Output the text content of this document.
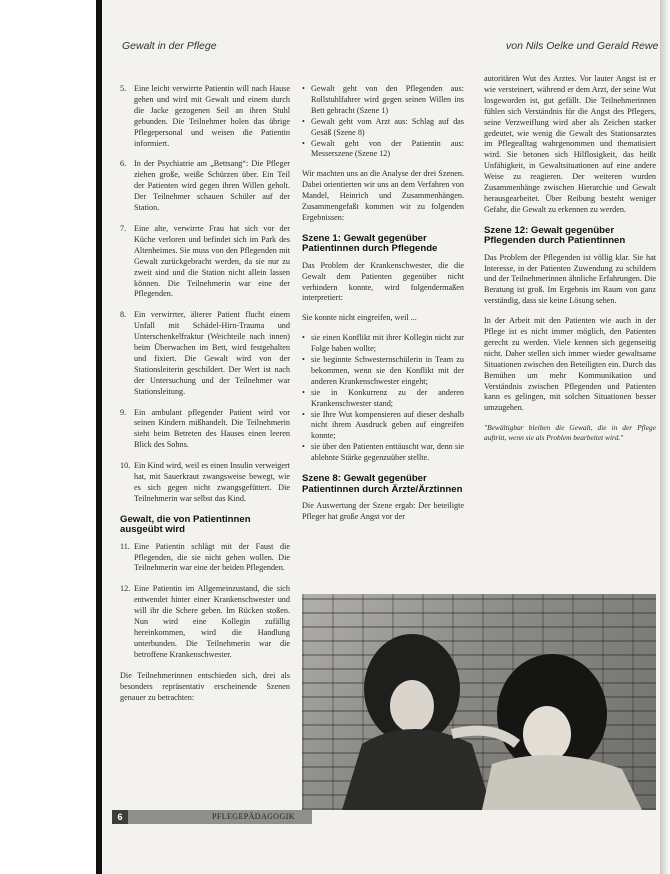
Gewalt in der Pflege	von Nils Oelke und Gerald Rewe
5. Eine leicht verwirrte Patientin will nach Hause gehen und wird mit Gewalt und einem durch die Jacke gezogenen Seil an ihren Stuhl gebunden. Die Teilnehmer holen das übrige Pflegepersonal und weisen die Patientin informiert.
6. In der Psychiatrie am „Bettsang“: Die Pfleger ziehen große, weiße Schürzen über. Ein Teil der Patienten wird gegen ihren Willen geholt. Der Teilnehmer schauen Schüler auf der Station.
7. Eine alte, verwirrte Frau hat sich vor der Küche verloren und befindet sich im Park des Altenheimes. Sie muss von den Pflegenden mit Gewalt zurückgebracht werden, da sie nur zu zweit sind und die Station nicht allein lassen können. Die Teilnehmerin war eine der Pflegenden.
8. Ein verwirrter, älterer Patient flucht einem Unfall mit Schädel-Hirn-Trauma und Unterschenkelfraktur (Weichteile nach innen) beim Überwachen im Bett, wird festgehalten und fixiert. Die Gewalt wird von der Stationsleiterin geschildert. Der Wert ist nach der Untersuchung und der Teilnehmer war Stationsleitung.
9. Ein ambulant pflegender Patient wird vor seinen Kindern mißhandelt. Die Teilnehmerin sieht beim Betreten des Hauses einen leeren Blick des Sohns.
10. Ein Kind wird, weil es einen Insulin verweigert hat, mit Sauerkraut zwangsweise bewegt, wie es sich gegen nicht zwangsgefüttert. Die Teilnehmerin war selbst das Kind.
Gewalt, die von Patientinnen ausgeübt wird
11. Eine Patientin schlägt mit der Faust die Pflegenden, die sie nicht gehen wollen. Die Teilnehmerin war eine der beiden Pflegenden.
12. Eine Patientin im Allgemeinzustand, die sich entwendet hinter einer Krankenschwester und will ihr die Schere geben. Im Rücken stoßen. Nun wird eine Kollegin zufällig hereinkommen, wird die Handlung unterbunden. Die Teilnehmerin war die betroffene Krankenschwester.

Die Teilnehmerinnen entschieden sich, drei als besonders repräsentativ erscheinende Szenen genauer zu betrachten:

• Gewalt geht von den Pflegenden aus: Rollstuhlfahrer wird gegen seinen Willen ins Bett gebracht (Szene 1)
• Gewalt geht vom Arzt aus: Schlag auf das Gesäß (Szene 8)
• Gewalt geht von der Patientin aus: Messerszene (Szene 12)

Wir machten uns an die Analyse der drei Szenen. Dabei orientierten wir uns an dem Verfahren von Mandel, Heinrich und Zusammenhängen. Zusammengefaßt kommen wir zu folgenden Ergebnissen:

Szene 1: Gewalt gegenüber Patientinnen durch Pflegende

Das Problem der Krankenschwester, die die Gewalt dem Patienten gegenüber nicht verhindern konnte, wird folgendermaßen interpretiert:

Sie konnte nicht eingreifen, weil ...

• sie einen Konflikt mit ihrer Kollegin nicht zur Folge haben wollte;
• sie beginnte Schwesternschülerin in Team zu bekommen, wenn sie den Konflikt mit der anderen Krankenschwester eingeht;
• sie in Konkurrenz zu der anderen Krankenschwester stand;
• sie Ihre Wut kompensieren auf dieser deshalb nicht ihrem Ausdruck geben auf eingreifen konnte;
• sie über den Patienten enttäuscht war, denn sie ablehnte Stärke gegenzuüber stellte.
Szene 8: Gewalt gegenüber Patientinnen durch Ärzte/Ärztinnen

Die Auswertung der Szene ergab: Der beteiligte Pfleger hat große Angst vor der

autoritären Wut des Arztes. Vor lauter Angst ist er wie versteinert, während er dem Arzt, der seine Wut losgeworden ist, gut gefällt. Die Teilnehmerinnen fühlen sich Verständnis für die Angst des Pflegers, seine Verzweiflung wird aber als Zeichen starker gedeutet, wie wenig die Gewalt des Stationsarztes im Pflegealltag wahrgenommen und thematisiert wird. Sie betonen sich Hilflosigkeit, das heißt Unfähigkeit, in Gewaltsituationen auf eine andere Weise zu reagieren. Der weiteren wurden Zusammenhänge zwischen Hierarchie und Gewalt herausgearbeitet. Über Reibung besteht weniger Gefahr, die Gewalt zu erkennen zu werden.

Szene 12: Gewalt gegenüber Pflegenden durch Patientinnen

Das Problem der Pflegenden ist völlig klar. Sie hat Interesse, in der Patienten Zuwendung zu schildern und der Teilnehmerinnen ähnliche Erfahrungen. Die Beratung ist groß. Im Ergebnis im Raum von ganz verständig, dass sie keine Lösung sehen.

In der Arbeit mit den Patienten wie auch in der Pflege ist es nicht immer möglich, den Patienten gerecht zu werden. Viele kennen sich gegenseitig nicht. Daher stellen sich immer wieder gewaltsame Situationen zwischen den Beteiligten ein. Durch das Bemühen um mehr Kommunikation und Verständnis zwischen Pflegenden und Patienten kann es gelingen, mit solchen Situationen besser umzugehen.

"Bewältigbar bleiben die Gewalt, die in der Pflege auftritt, wenn sie als Problem bearbeitet wird."
6	PFLEGEPÄDAGOGIK
